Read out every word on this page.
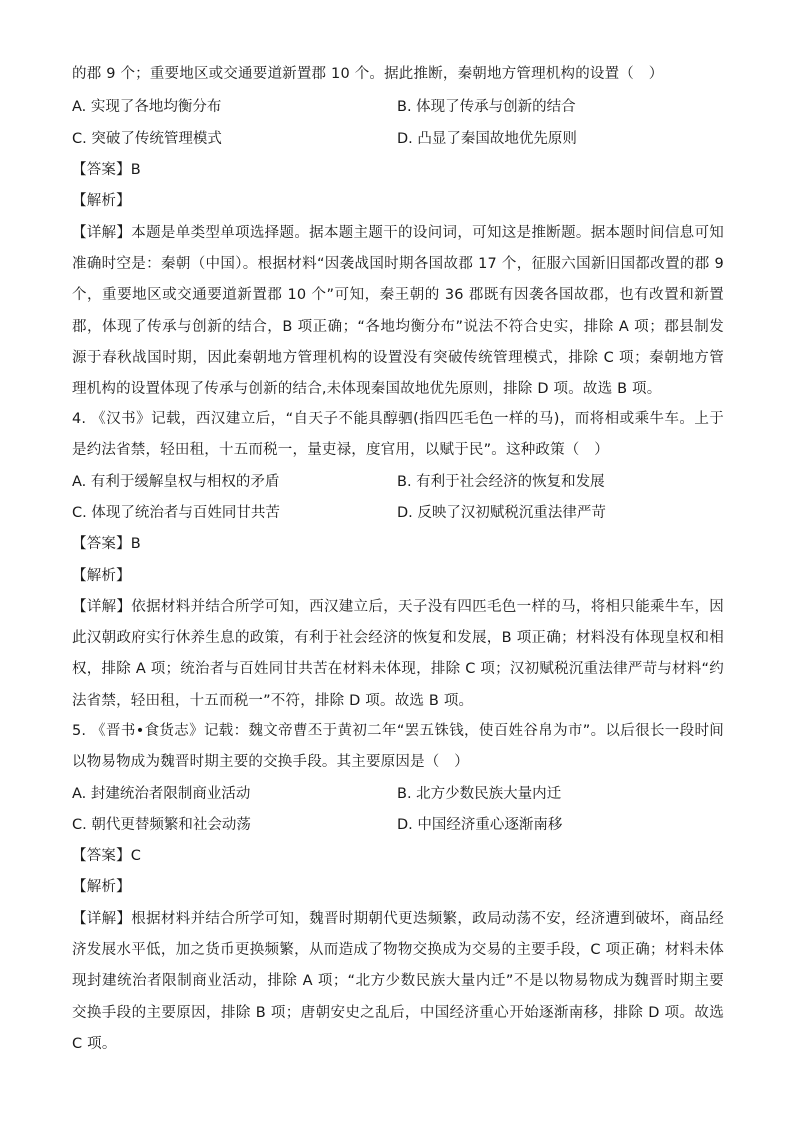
的郡 9 个；重要地区或交通要道新置郡 10 个。据此推断，秦朝地方管理机构的设置（　）
A. 实现了各地均衡分布	B. 体现了传承与创新的结合
C. 突破了传统管理模式	D. 凸显了秦国故地优先原则
【答案】B
【解析】
【详解】本题是单类型单项选择题。据本题主题干的设问词，可知这是推断题。据本题时间信息可知准确时空是：秦朝（中国）。根据材料“因袭战国时期各国故郡 17 个，征服六国新旧国都改置的郡 9 个，重要地区或交通要道新置郡 10 个”可知，秦王朝的 36 郡既有因袭各国故郡，也有改置和新置郡，体现了传承与创新的结合，B 项正确；“各地均衡分布”说法不符合史实，排除 A 项；郡县制发源于春秋战国时期，因此秦朝地方管理机构的设置没有突破传统管理模式，排除 C 项；秦朝地方管理机构的设置体现了传承与创新的结合,未体现秦国故地优先原则，排除 D 项。故选 B 项。
4. 《汉书》记载，西汉建立后，“自天子不能具醇驷(指四匹毛色一样的马)，而将相或乘牛车。上于是约法省禁，轻田租，十五而税一，量吏禄，度官用，以赋于民”。这种政策（　）
A. 有利于缓解皇权与相权的矛盾	B. 有利于社会经济的恢复和发展
C. 体现了统治者与百姓同甘共苦	D. 反映了汉初赋税沉重法律严苛
【答案】B
【解析】
【详解】依据材料并结合所学可知，西汉建立后，天子没有四匹毛色一样的马，将相只能乘牛车，因此汉朝政府实行休养生息的政策，有利于社会经济的恢复和发展，B 项正确；材料没有体现皇权和相权，排除 A 项；统治者与百姓同甘共苦在材料未体现，排除 C 项；汉初赋税沉重法律严苛与材料“约法省禁，轻田租，十五而税一”不符，排除 D 项。故选 B 项。
5. 《晋书•食货志》记载：魏文帝曹丕于黄初二年“罢五铢钱，使百姓谷帛为市”。以后很长一段时间以物易物成为魏晋时期主要的交换手段。其主要原因是（　）
A. 封建统治者限制商业活动	B. 北方少数民族大量内迁
C. 朝代更替频繁和社会动荡	D. 中国经济重心逐渐南移
【答案】C
【解析】
【详解】根据材料并结合所学可知，魏晋时期朝代更迭频繁，政局动荡不安，经济遭到破坏，商品经济发展水平低，加之货币更换频繁，从而造成了物物交换成为交易的主要手段，C 项正确；材料未体现封建统治者限制商业活动，排除 A 项；“北方少数民族大量内迁”不是以物易物成为魏晋时期主要交换手段的主要原因，排除 B 项；唐朝安史之乱后，中国经济重心开始逐渐南移，排除 D 项。故选 C 项。
